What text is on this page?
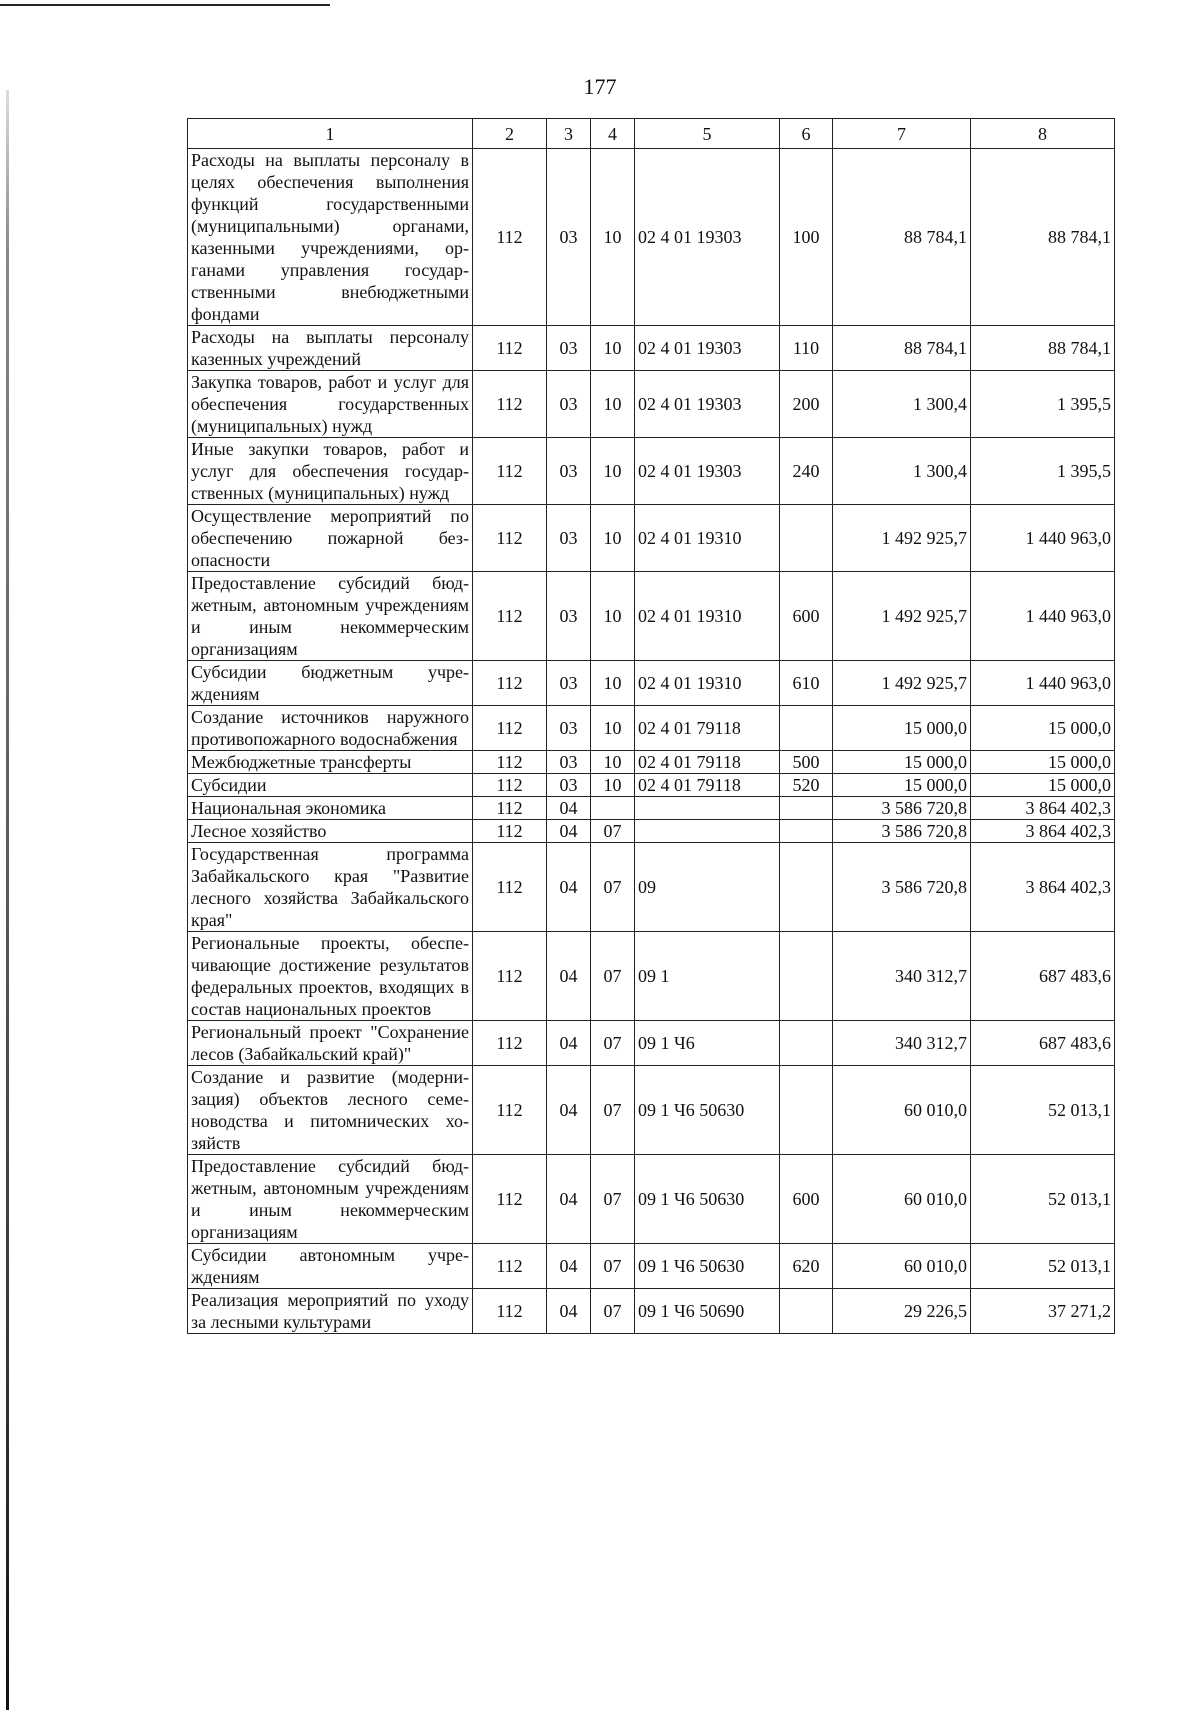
177
1	2	3	4	5	6	7	8
Расходы на выплаты персоналу в целях обеспечения выполнения функций государственными (муниципальными) органами, казенными учреждениями, органами управления государственными внебюджетными фондами	112	03	10	02 4 01 19303	100	88 784,1	88 784,1
Расходы на выплаты персоналу казенных учреждений	112	03	10	02 4 01 19303	110	88 784,1	88 784,1
Закупка товаров, работ и услуг для обеспечения государственных (муниципальных) нужд	112	03	10	02 4 01 19303	200	1 300,4	1 395,5
Иные закупки товаров, работ и услуг для обеспечения государственных (муниципальных) нужд	112	03	10	02 4 01 19303	240	1 300,4	1 395,5
Осуществление мероприятий по обеспечению пожарной безопасности	112	03	10	02 4 01 19310		1 492 925,7	1 440 963,0
Предоставление субсидий бюджетным, автономным учреждениям и иным некоммерческим организациям	112	03	10	02 4 01 19310	600	1 492 925,7	1 440 963,0
Субсидии бюджетным учреждениям	112	03	10	02 4 01 19310	610	1 492 925,7	1 440 963,0
Создание источников наружного противопожарного водоснабжения	112	03	10	02 4 01 79118		15 000,0	15 000,0
Межбюджетные трансферты	112	03	10	02 4 01 79118	500	15 000,0	15 000,0
Субсидии	112	03	10	02 4 01 79118	520	15 000,0	15 000,0
Национальная экономика	112	04				3 586 720,8	3 864 402,3
Лесное хозяйство	112	04	07			3 586 720,8	3 864 402,3
Государственная программа Забайкальского края "Развитие лесного хозяйства Забайкальского края"	112	04	07	09		3 586 720,8	3 864 402,3
Региональные проекты, обеспечивающие достижение результатов федеральных проектов, входящих в состав национальных проектов	112	04	07	09 1		340 312,7	687 483,6
Региональный проект "Сохранение лесов (Забайкальский край)"	112	04	07	09 1 Ч6		340 312,7	687 483,6
Создание и развитие (модернизация) объектов лесного семеноводства и питомнических хозяйств	112	04	07	09 1 Ч6 50630		60 010,0	52 013,1
Предоставление субсидий бюджетным, автономным учреждениям и иным некоммерческим организациям	112	04	07	09 1 Ч6 50630	600	60 010,0	52 013,1
Субсидии автономным учреждениям	112	04	07	09 1 Ч6 50630	620	60 010,0	52 013,1
Реализация мероприятий по уходу за лесными культурами	112	04	07	09 1 Ч6 50690		29 226,5	37 271,2
